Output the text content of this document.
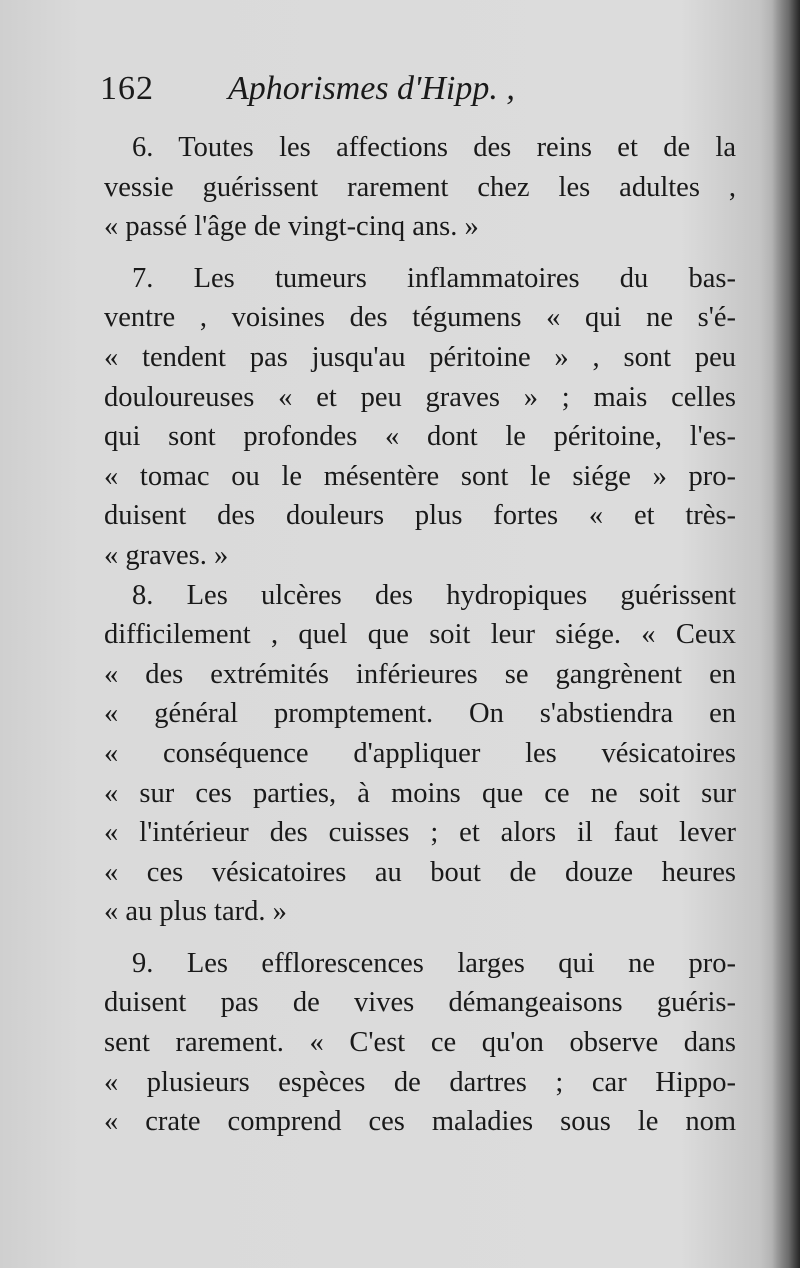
162 Aphorismes d'Hipp. ,

6. Toutes les affections des reins et de la
vessie guérissent rarement chez les adultes ,
« passé l'âge de vingt-cinq ans. »

7. Les tumeurs inflammatoires du bas-
ventre , voisines des tégumens « qui ne s'é-
« tendent pas jusqu'au péritoine » , sont peu
douloureuses « et peu graves » ; mais celles
qui sont profondes « dont le péritoine, l'es-
« tomac ou le mésentère sont le siége » pro-
duisent des douleurs plus fortes « et très-
« graves. »

8. Les ulcères des hydropiques guérissent
difficilement , quel que soit leur siége. « Ceux
« des extrémités inférieures se gangrènent en
« général promptement. On s'abstiendra en
« conséquence d'appliquer les vésicatoires
« sur ces parties, à moins que ce ne soit sur
« l'intérieur des cuisses ; et alors il faut lever
« ces vésicatoires au bout de douze heures
« au plus tard. »

9. Les efflorescences larges qui ne pro-
duisent pas de vives démangeaisons guéris-
sent rarement. « C'est ce qu'on observe dans
« plusieurs espèces de dartres ; car Hippo-
« crate comprend ces maladies sous le nom
